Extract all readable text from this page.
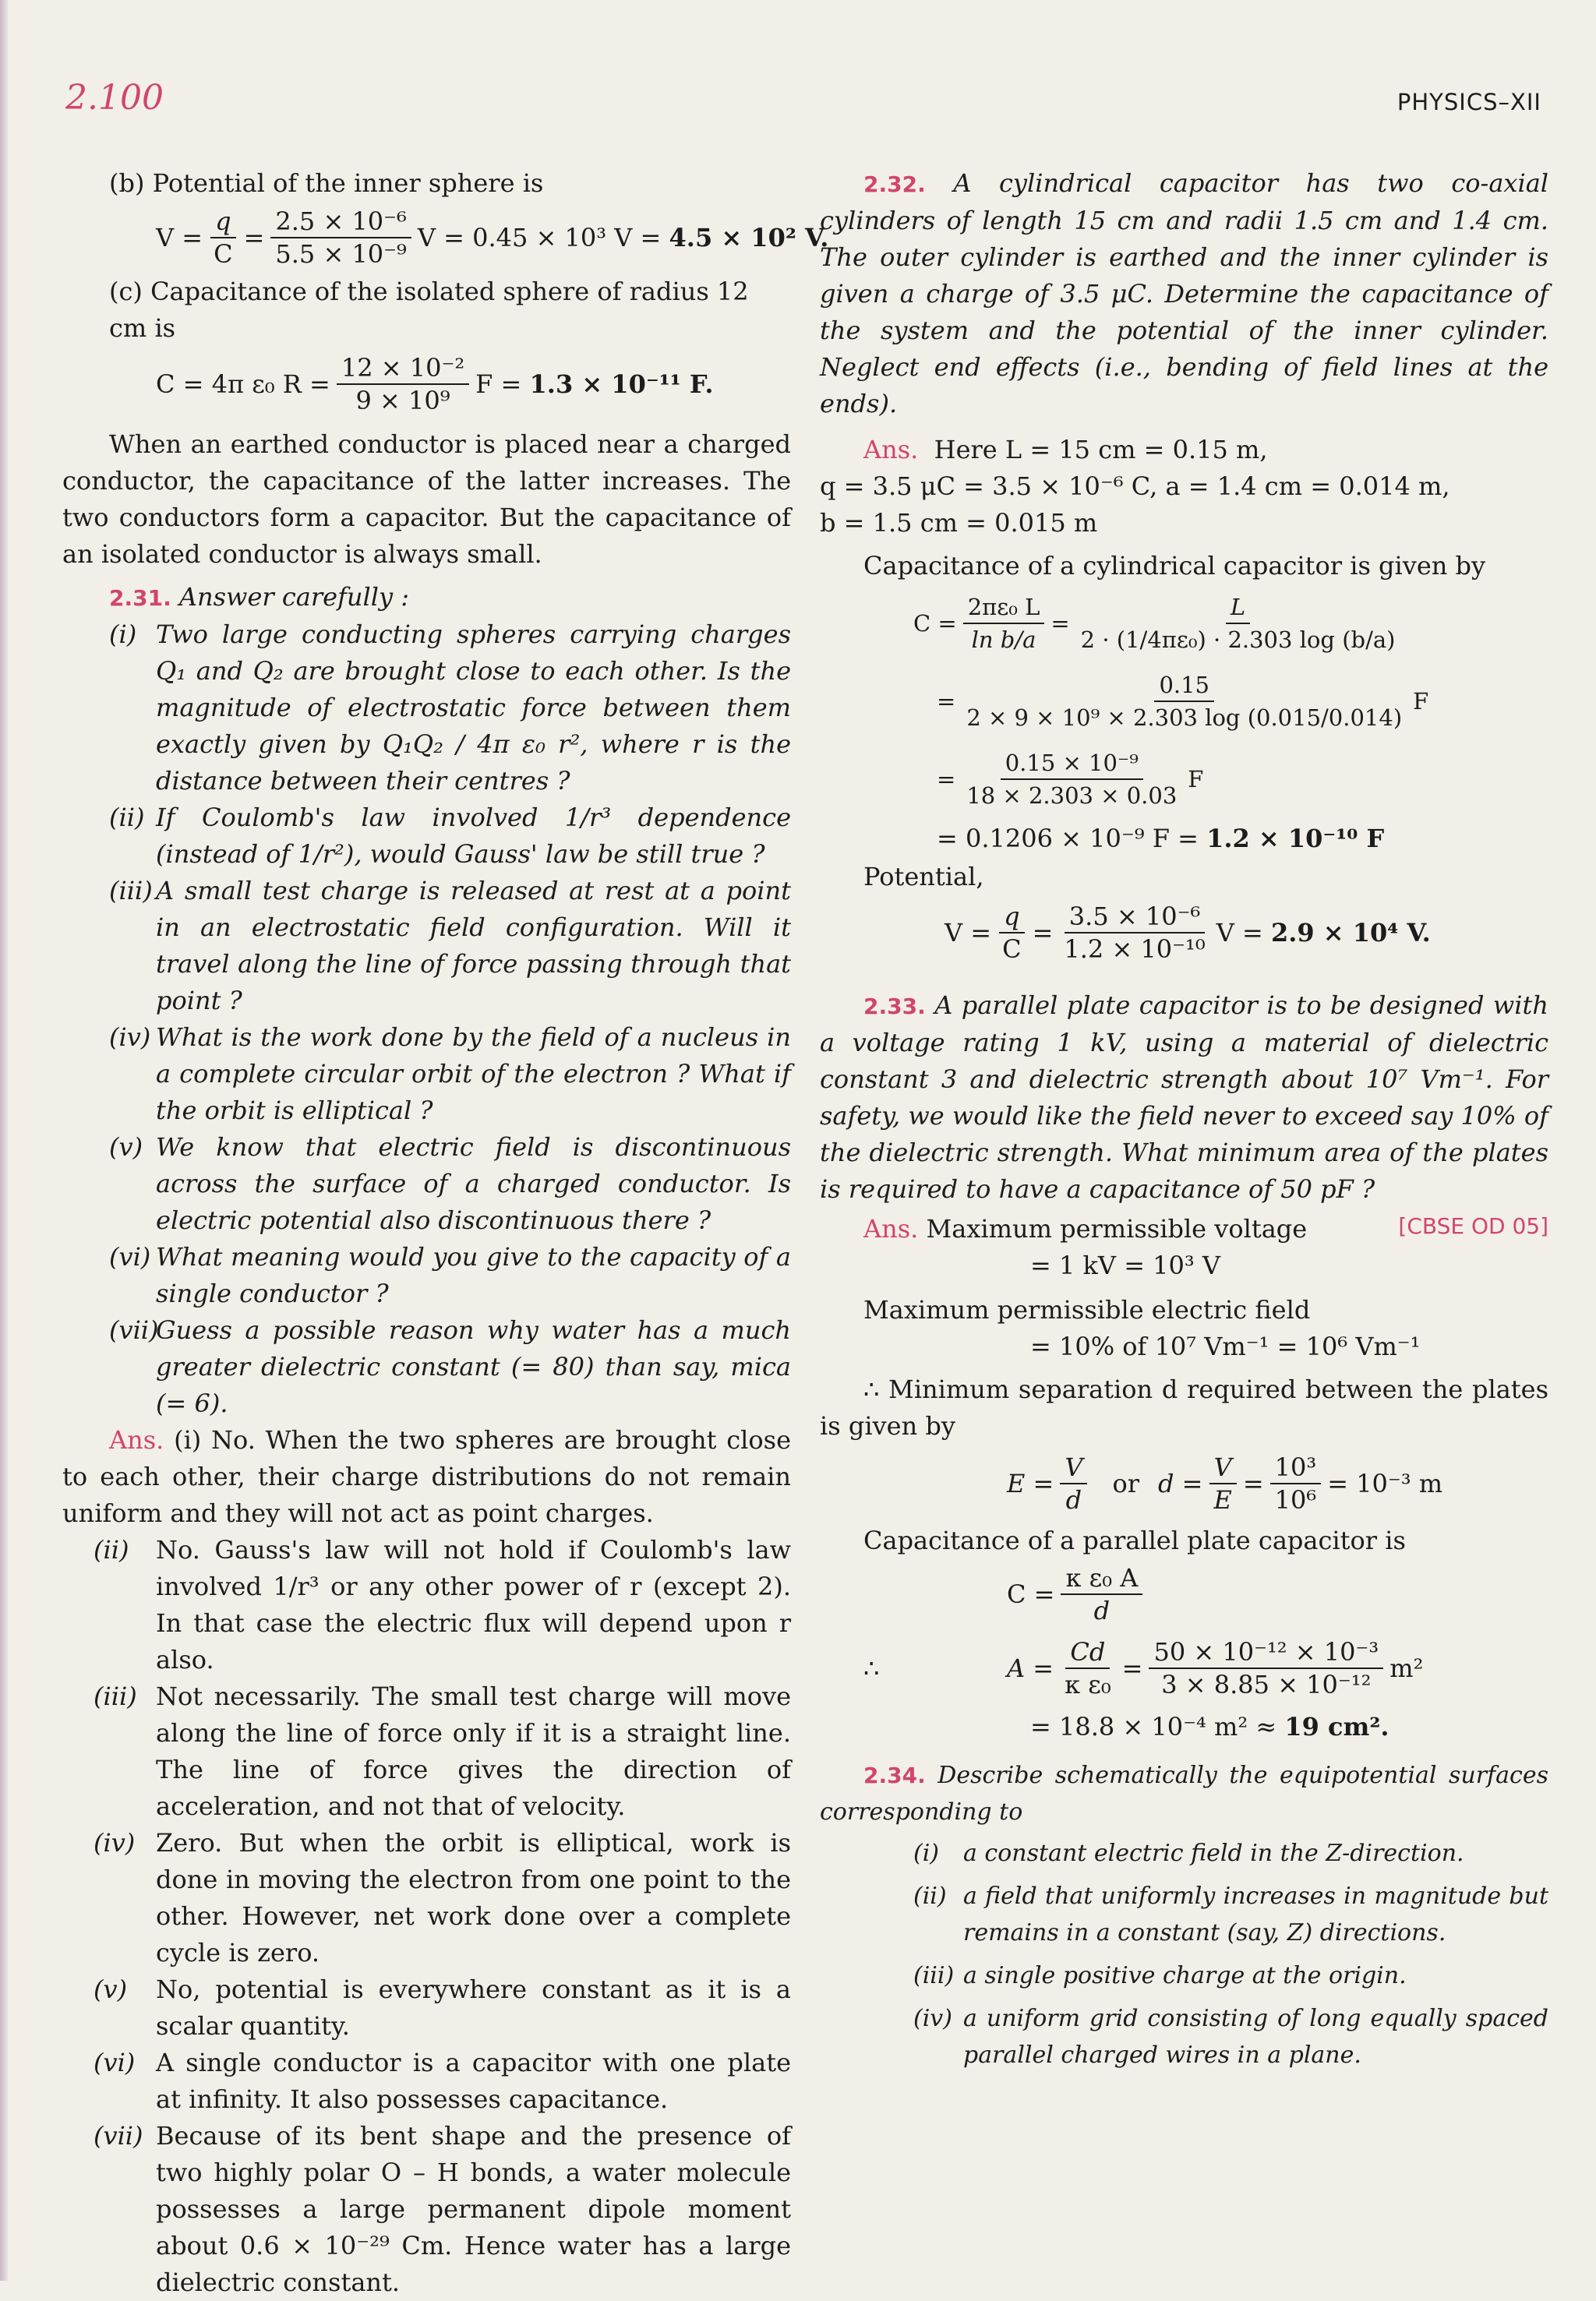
2.100	PHYSICS–XII

(b) Potential of the inner sphere is

$V = \frac{q}{C} = \frac{\text{2.5 × 10⁻⁶}}{\text{5.5 × 10⁻⁹}}$ V = 0.45 × 10³ V =
4.5 × 10² V.

(c) Capacitance of the isolated sphere of radius 12 cm is

C = 4π ε₀ $R = \frac{\text{12 × 10⁻²}}{\text{9 × 10⁹}}$ F =
1.3 × 10⁻¹¹ F.

When an earthed conductor is placed near a charged conductor, the capacitance of the latter increases. The two conductors form a capacitor. But the capacitance of an isolated conductor is always small.

2.31. Answer carefully :

(i) Two large conducting spheres carrying charges Q₁ and Q₂ are brought close to each other. Is the magnitude of electrostatic force between them exactly given by Q₁Q₂ / 4π ε₀ r², where r is the distance between their centres ?
(ii) If Coulomb's law involved 1/r³ dependence (instead of 1/r²), would Gauss' law be still true ?
(iii) A small test charge is released at rest at a point in an electrostatic field configuration. Will it travel along the line of force passing through that point ?
(iv) What is the work done by the field of a nucleus in a complete circular orbit of the electron ? What if the orbit is elliptical ?
(v) We know that electric field is discontinuous across the surface of a charged conductor. Is electric potential also discontinuous there ?
(vi) What meaning would you give to the capacity of a single conductor ?
(vii)
Guess a possible reason why water has a much greater dielectric constant (= 80) than say, mica (= 6).

Ans. (i) No. When the two spheres are brought close to each other, their charge distributions do not remain uniform and they will not act as point charges.

(ii)	No. Gauss's law will not hold if Coulomb's law involved 1/r³ or any other power of r (except 2). In that case the electric flux will depend upon r also.
(iii) Not necessarily. The small test charge will move along the line of force only if it is a straight line. The line of force gives the direction of acceleration, and not that of velocity.
(iv) Zero. But when the orbit is elliptical, work is done in moving the electron from one point to the other. However, net work done over a complete cycle is zero.
(v)	No, potential is everywhere constant as it is a scalar quantity.
(vi) A single conductor is a capacitor with one plate at infinity. It also possesses capacitance.
(vii) Because of its bent shape and the presence of two highly polar O – H bonds, a water molecule possesses a large permanent dipole moment about 0.6 × 10⁻²⁹ Cm. Hence water has a large dielectric constant.

2.32. A cylindrical capacitor has two co-axial cylinders of length 15 cm and radii 1.5 cm and 1.4 cm. The outer cylinder is earthed and the inner cylinder is given a charge of 3.5 μC. Determine the capacitance of the system and the potential of the inner cylinder. Neglect end effects (i.e., bending of field lines at the ends).

Ans. Here L = 15 cm = 0.15 m,

q = 3.5 μC = 3.5 × 10⁻⁶ C, a = 1.4 cm = 0.014 m,

b = 1.5 cm = 0.015 m

Capacitance of a cylindrical capacitor is given by

$C = \frac{\text{2πε₀ L}}{\text{ln b/a}} = \frac{L}{\text{2 · (1/4πε₀) · 2.303 log (b/a)}}$
= $\frac{0.15}{\text{2 × 9 × 10⁹ × 2.303 log (0.015/0.014)}}$ F
= $\frac{\text{0.15 × 10⁻⁹}}{18 \times 2.303 \times 0.03}$ F
= 0.1206 × 10⁻⁹ F =
1.2 × 10⁻¹⁰ F

Potential,

$V = \frac{q}{C} = \frac{\text{3.5 × 10⁻⁶}}{\text{1.2 × 10⁻¹⁰}}$ V =
2.9 × 10⁴ V.

2.33. A parallel plate capacitor is to be designed with a voltage rating 1 kV, using a material of dielectric constant 3 and dielectric strength about 10⁷ Vm⁻¹. For safety, we would like the field never to exceed say 10% of the dielectric strength. What minimum area of the plates is required to have a capacitance of 50 pF ?
[CBSE OD 05]

Ans. Maximum permissible voltage

= 1 kV = 10³ V

Maximum permissible electric field

= 10% of 10⁷ Vm⁻¹ = 10⁶ Vm⁻¹

∴ Minimum separation d required between the plates is given by

$E = \frac{V}{d}$ or $d = \frac{V}{E} = \frac{\text{10³}}{\text{10⁶}} = 10^{-3}$ m

Capacitance of a parallel plate capacitor is

$C = \frac{\text{κ ε₀ A}}{d}$
∴	$A = \frac{Cd}{\text{κ ε₀}} = \frac{\text{50 × 10⁻¹² × 10⁻³}}{\text{3 × 8.85 × 10⁻¹²}} m^2$
= 18.8 × 10⁻⁴ m² ≈
19 cm².

2.34. Describe schematically the equipotential surfaces corresponding to

(i)	a constant electric field in the Z-direction.
(ii) a field that uniformly increases in magnitude but remains in a constant (say, Z) directions.
(iii) a single positive charge at the origin.
(iv) a uniform grid consisting of long equally spaced parallel charged wires in a plane.
